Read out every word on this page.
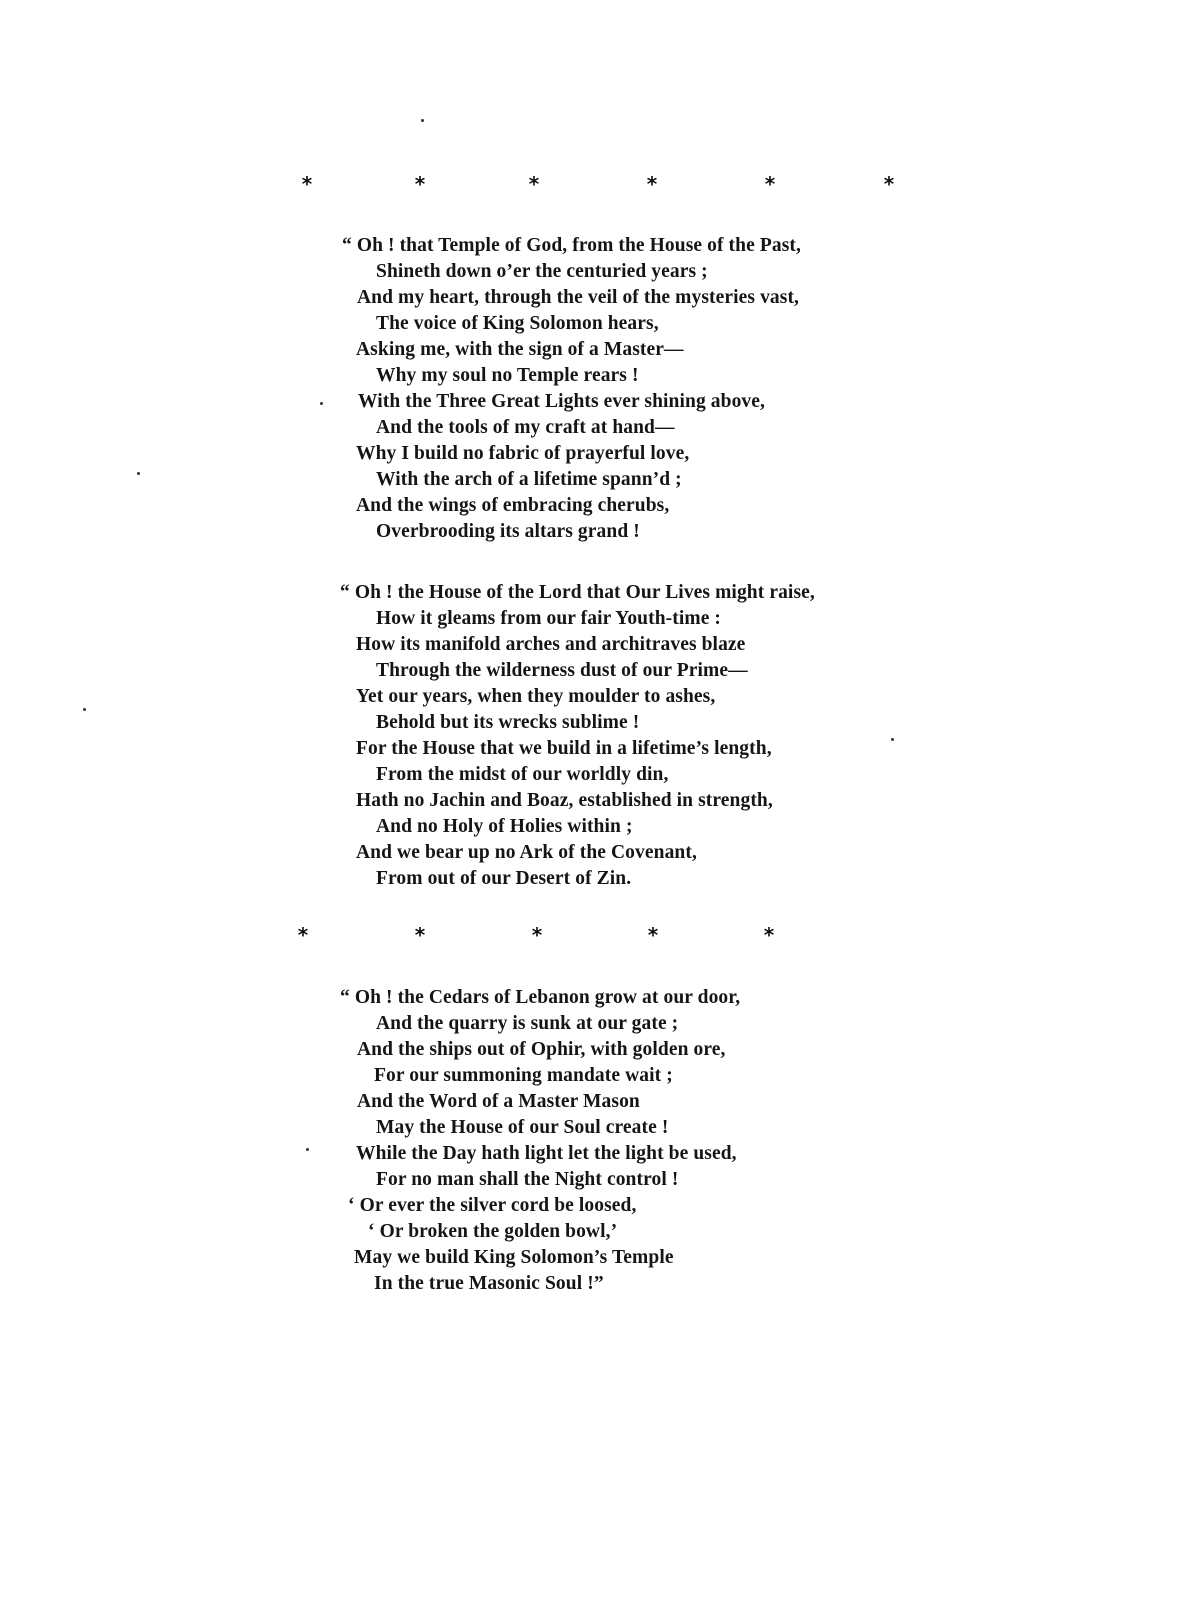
*	*	*	*	*	*
“ Oh ! that Temple of God, from the House of the Past,
Shineth down o’er the centuried years ;
And my heart, through the veil of the mysteries vast,
The voice of King Solomon hears,
Asking me, with the sign of a Master—
Why my soul no Temple rears !
With the Three Great Lights ever shining above,
And the tools of my craft at hand—
Why I build no fabric of prayerful love,
With the arch of a lifetime spann’d ;
And the wings of embracing cherubs,
Overbrooding its altars grand !
“ Oh ! the House of the Lord that Our Lives might raise,
How it gleams from our fair Youth-time :
How its manifold arches and architraves blaze
Through the wilderness dust of our Prime—
Yet our years, when they moulder to ashes,
Behold but its wrecks sublime !
For the House that we build in a lifetime’s length,
From the midst of our worldly din,
Hath no Jachin and Boaz, established in strength,
And no Holy of Holies within ;
And we bear up no Ark of the Covenant,
From out of our Desert of Zin.
*	*	*	*	*
“ Oh ! the Cedars of Lebanon grow at our door,
And the quarry is sunk at our gate ;
And the ships out of Ophir, with golden ore,
For our summoning mandate wait ;
And the Word of a Master Mason
May the House of our Soul create !
While the Day hath light let the light be used,
For no man shall the Night control !
‘ Or ever the silver cord be loosed,
‘ Or broken the golden bowl,’
May we build King Solomon’s Temple
In the true Masonic Soul !”
